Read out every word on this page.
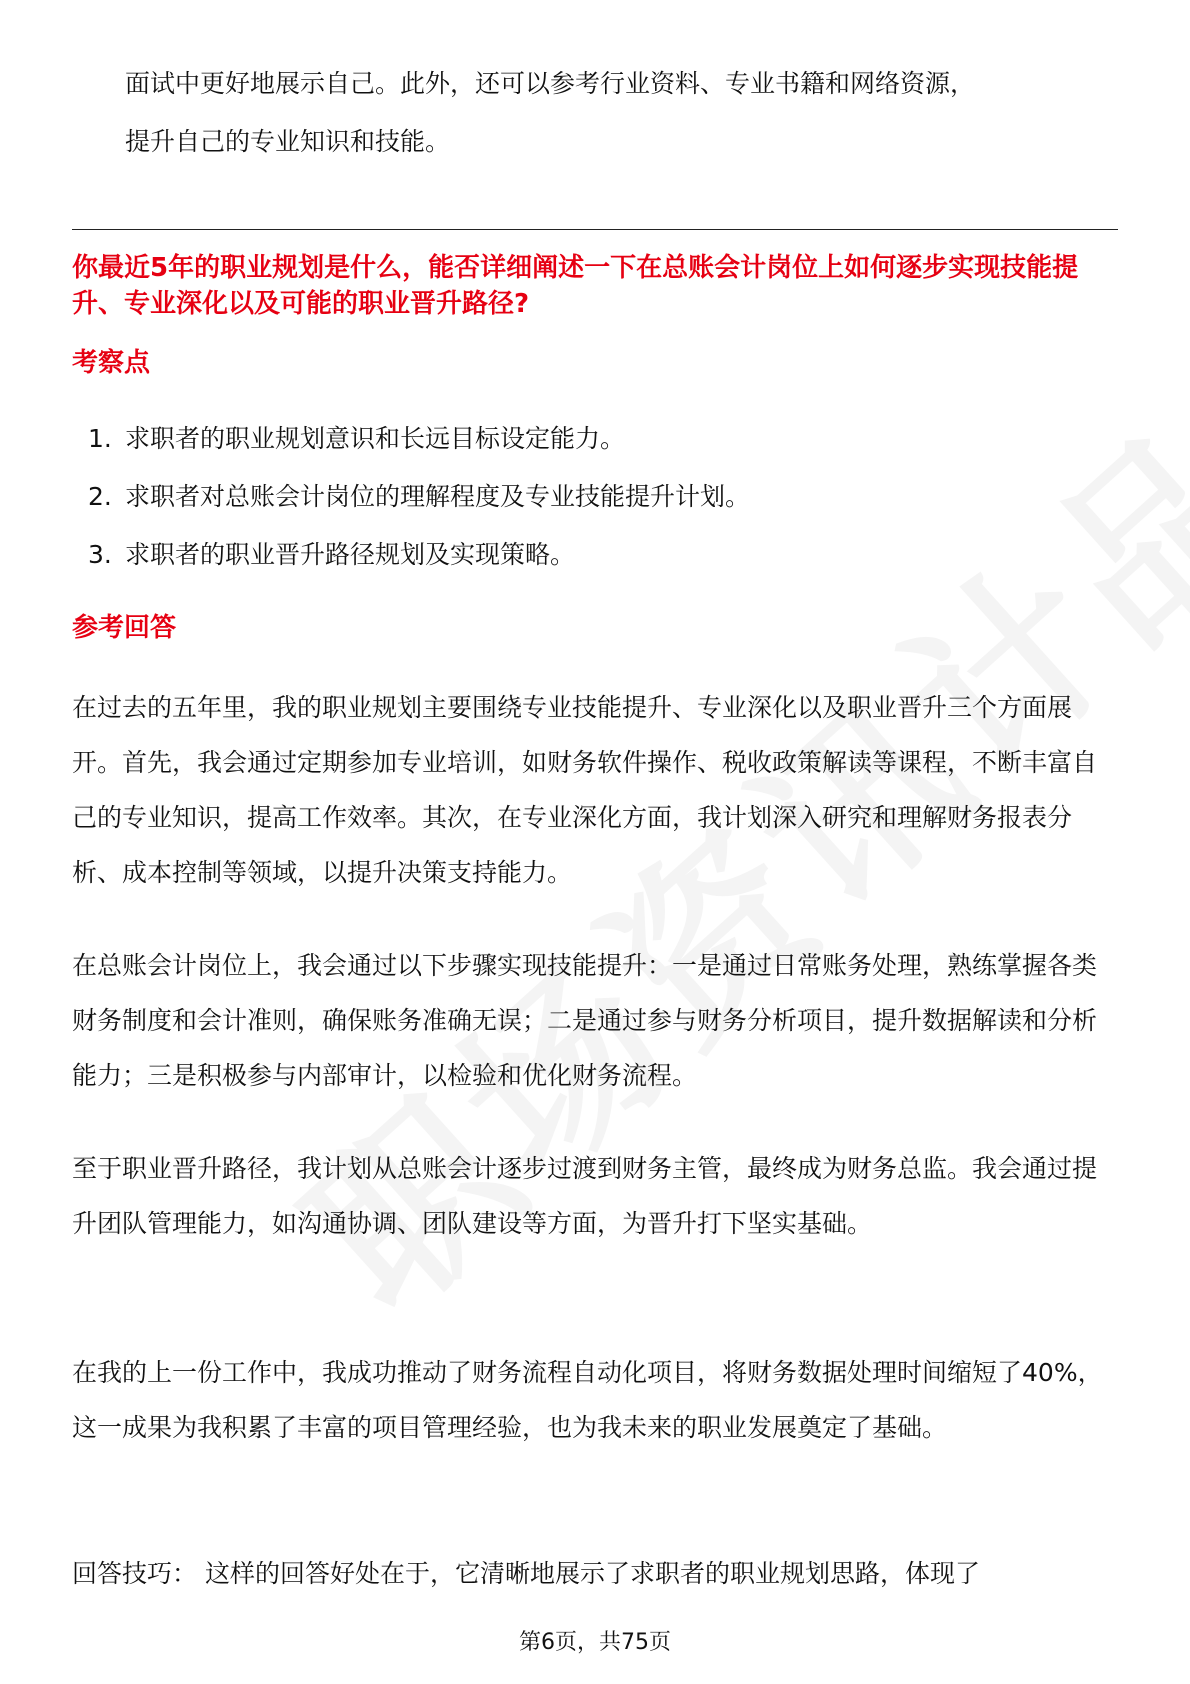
面试中更好地展示自己。此外，还可以参考行业资料、专业书籍和网络资源，
提升自己的专业知识和技能。
你最近5年的职业规划是什么，能否详细阐述一下在总账会计岗位上如何逐步实现技能提升、专业深化以及可能的职业晋升路径?
考察点
1. 求职者的职业规划意识和长远目标设定能力。
2. 求职者对总账会计岗位的理解程度及专业技能提升计划。
3. 求职者的职业晋升路径规划及实现策略。
参考回答

在过去的五年里，我的职业规划主要围绕专业技能提升、专业深化以及职业晋升三个方面展开。首先，我会通过定期参加专业培训，如财务软件操作、税收政策解读等课程，不断丰富自己的专业知识，提高工作效率。其次，在专业深化方面，我计划深入研究和理解财务报表分析、成本控制等领域，以提升决策支持能力。

在总账会计岗位上，我会通过以下步骤实现技能提升：一是通过日常账务处理，熟练掌握各类财务制度和会计准则，确保账务准确无误；二是通过参与财务分析项目，提升数据解读和分析能力；三是积极参与内部审计，以检验和优化财务流程。

至于职业晋升路径，我计划从总账会计逐步过渡到财务主管，最终成为财务总监。我会通过提升团队管理能力，如沟通协调、团队建设等方面，为晋升打下坚实基础。

在我的上一份工作中，我成功推动了财务流程自动化项目，将财务数据处理时间缩短了40%，这一成果为我积累了丰富的项目管理经验，也为我未来的职业发展奠定了基础。

回答技巧： 这样的回答好处在于，它清晰地展示了求职者的职业规划思路，体现了

第6页，共75页
